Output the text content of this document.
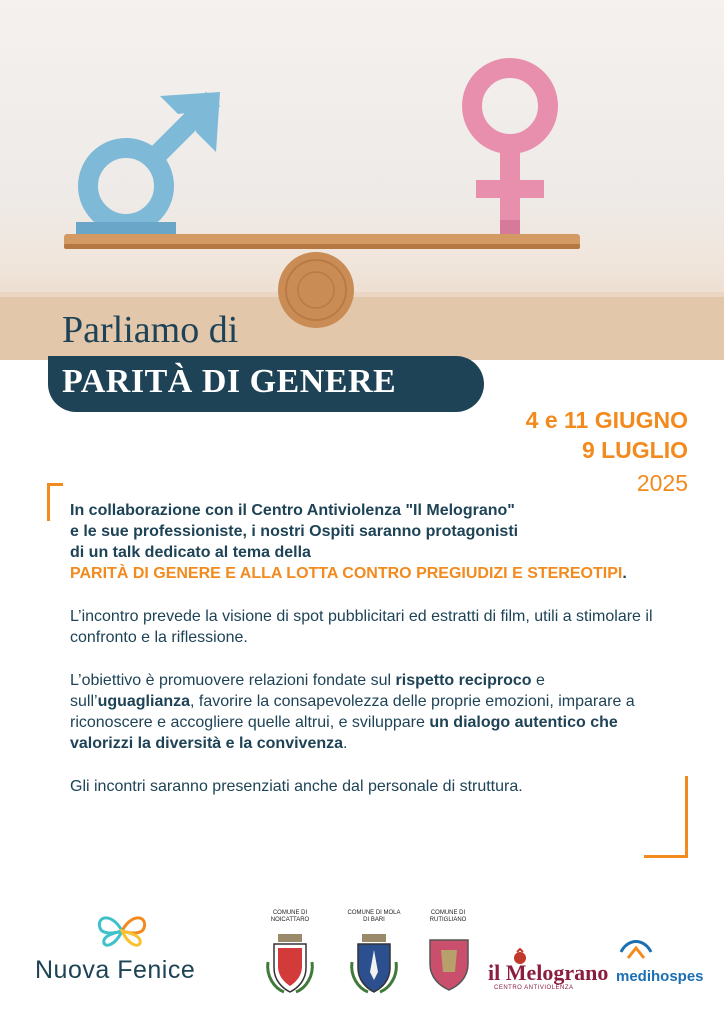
Parliamo di
PARITÀ DI GENERE
4 e 11 GIUGNO
9 LUGLIO
2025

In collaborazione con il Centro Antiviolenza "Il Melograno"
e le sue professioniste, i nostri Ospiti saranno protagonisti
di un talk dedicato al tema della
PARITÀ DI GENERE E ALLA LOTTA CONTRO PREGIUDIZI E STEREOTIPI.

L’incontro prevede la visione di spot pubblicitari ed estratti di film, utili a stimolare il confronto e la riflessione.

L’obiettivo è promuovere relazioni fondate sul rispetto reciproco e sull’uguaglianza, favorire la consapevolezza delle proprie emozioni, imparare a riconoscere e accogliere quelle altrui, e sviluppare un dialogo autentico che valorizzi la diversità e la convivenza.

Gli incontri saranno presenziati anche dal personale di struttura.

Nuova Fenice
COMUNE DI NOICATTARO
COMUNE DI MOLA DI BARI
COMUNE DI RUTIGLIANO
il Melograno
CENTRO ANTIVIOLENZA
medihospes
